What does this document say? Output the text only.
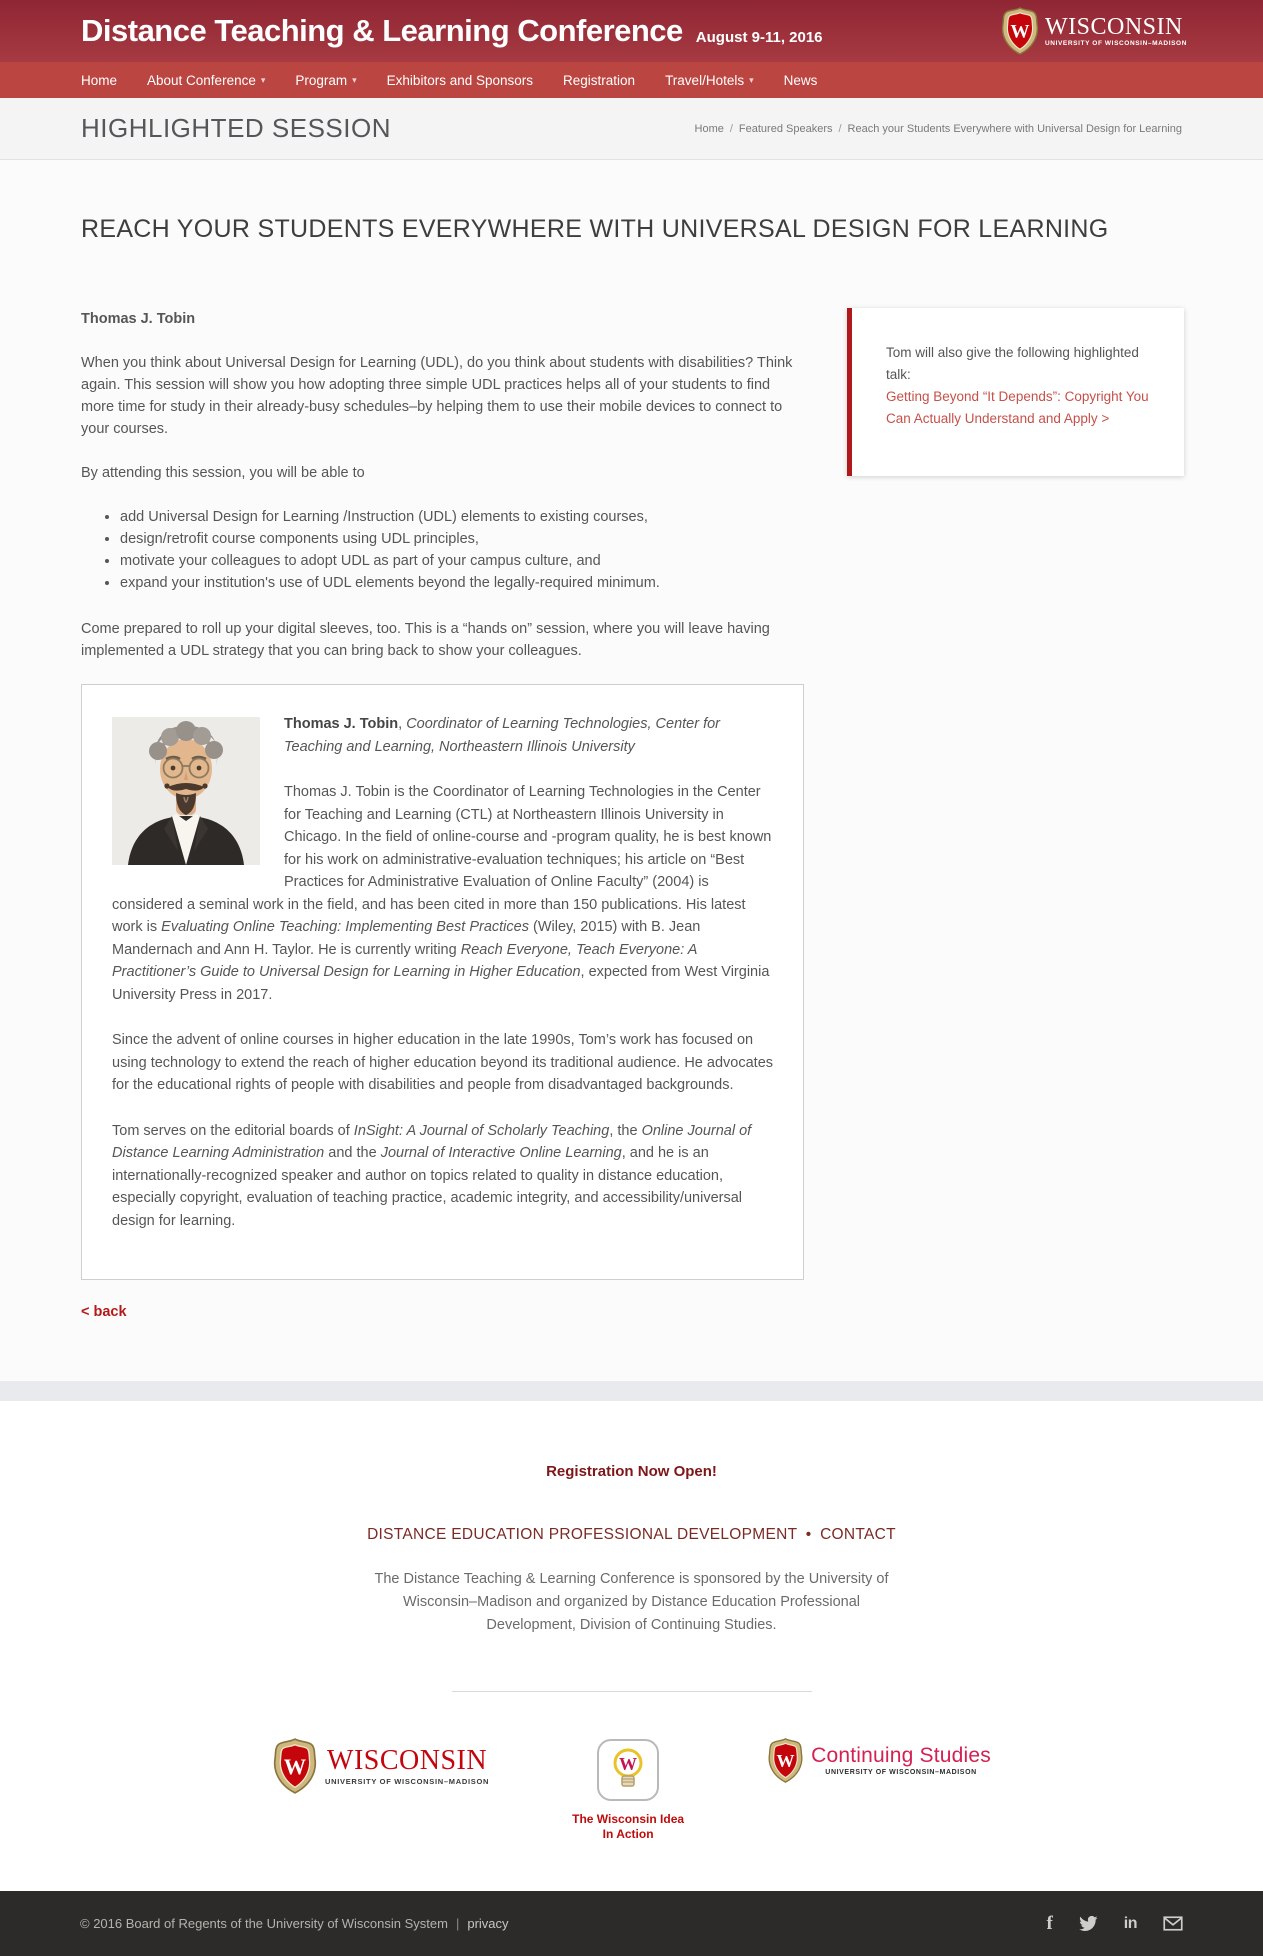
Distance Teaching & Learning Conference August 9-11, 2016	WISCONSIN
UNIVERSITY OF WISCONSIN–MADISON
Home About Conference ▾ Program ▾ Exhibitors and Sponsors Registration Travel/Hotels ▾ News
HIGHLIGHTED SESSION	Home / Featured Speakers / Reach your Students Everywhere with Universal Design for Learning
REACH YOUR STUDENTS EVERYWHERE WITH UNIVERSAL DESIGN FOR LEARNING

Thomas J. Tobin

When you think about Universal Design for Learning (UDL), do you think about students with disabilities? Think again. This session will show you how adopting three simple UDL practices helps all of your students to find more time for study in their already-busy schedules–by helping them to use their mobile devices to connect to your courses.

By attending this session, you will be able to

• add Universal Design for Learning /Instruction (UDL) elements to existing courses,
• design/retrofit course components using UDL principles,
• motivate your colleagues to adopt UDL as part of your campus culture, and
• expand your institution's use of UDL elements beyond the legally-required minimum.

Come prepared to roll up your digital sleeves, too. This is a “hands on” session, where you will leave having implemented a UDL strategy that you can bring back to show your colleagues.

Thomas J. Tobin, Coordinator of Learning Technologies, Center for Teaching and Learning, Northeastern Illinois University

Thomas J. Tobin is the Coordinator of Learning Technologies in the Center for Teaching and Learning (CTL) at Northeastern Illinois University in Chicago. In the field of online-course and -program quality, he is best known for his work on administrative-evaluation techniques; his article on “Best Practices for Administrative Evaluation of Online Faculty” (2004) is considered a seminal work in the field, and has been cited in more than 150 publications. His latest work is Evaluating Online Teaching: Implementing Best Practices (Wiley, 2015) with B. Jean Mandernach and Ann H. Taylor. He is currently writing Reach Everyone, Teach Everyone: A Practitioner’s Guide to Universal Design for Learning in Higher Education, expected from West Virginia University Press in 2017.

Since the advent of online courses in higher education in the late 1990s, Tom’s work has focused on using technology to extend the reach of higher education beyond its traditional audience. He advocates for the educational rights of people with disabilities and people from disadvantaged backgrounds.

Tom serves on the editorial boards of InSight: A Journal of Scholarly Teaching, the Online Journal of Distance Learning Administration and the Journal of Interactive Online Learning, and he is an internationally-recognized speaker and author on topics related to quality in distance education, especially copyright, evaluation of teaching practice, academic integrity, and accessibility/universal design for learning.

< back

Tom will also give the following highlighted talk:

Getting Beyond “It Depends”: Copyright You Can Actually Understand and Apply >

Registration Now Open!

DISTANCE EDUCATION PROFESSIONAL DEVELOPMENT • CONTACT

The Distance Teaching & Learning Conference is sponsored by the University of Wisconsin–Madison and organized by Distance Education Professional Development, Division of Continuing Studies.

WISCONSIN
UNIVERSITY OF WISCONSIN–MADISON
W
The Wisconsin Idea
In Action
Continuing Studies
UNIVERSITY OF WISCONSIN–MADISON
© 2016 Board of Regents of the University of Wisconsin System | privacy	f	in
